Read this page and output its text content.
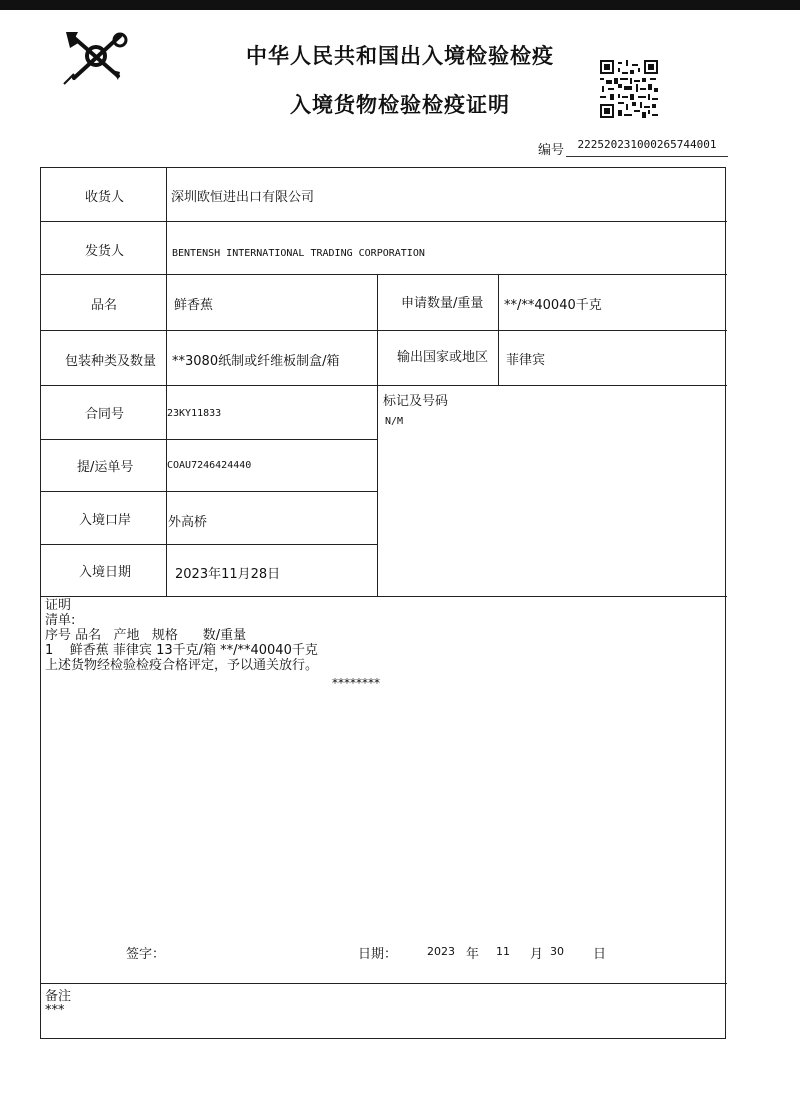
中华人民共和国出入境检验检疫
入境货物检验检疫证明
编号	222520231000265744001
收货人	深圳欧恒进出口有限公司
发货人	BENTENSH INTERNATIONAL TRADING CORPORATION
品名	鲜香蕉	申请数量/重量 **/**40040千克
包装种类及数量 **3080纸制或纤维板制盒/箱	输出国家或地区 菲律宾
合同号	23KY11833
标记及号码
N/M
提/运单号	COAU7246424440
入境口岸	外高桥
入境日期	2023年11月28日
证明
清单:
序号 品名   产地   规格      数/重量
1    鲜香蕉 菲律宾 13千克/箱 **/**40040千克
上述货物经检验检疫合格评定，予以通关放行。
********
签字：	日期：	2023 年 11 月 30 日
备注
***
